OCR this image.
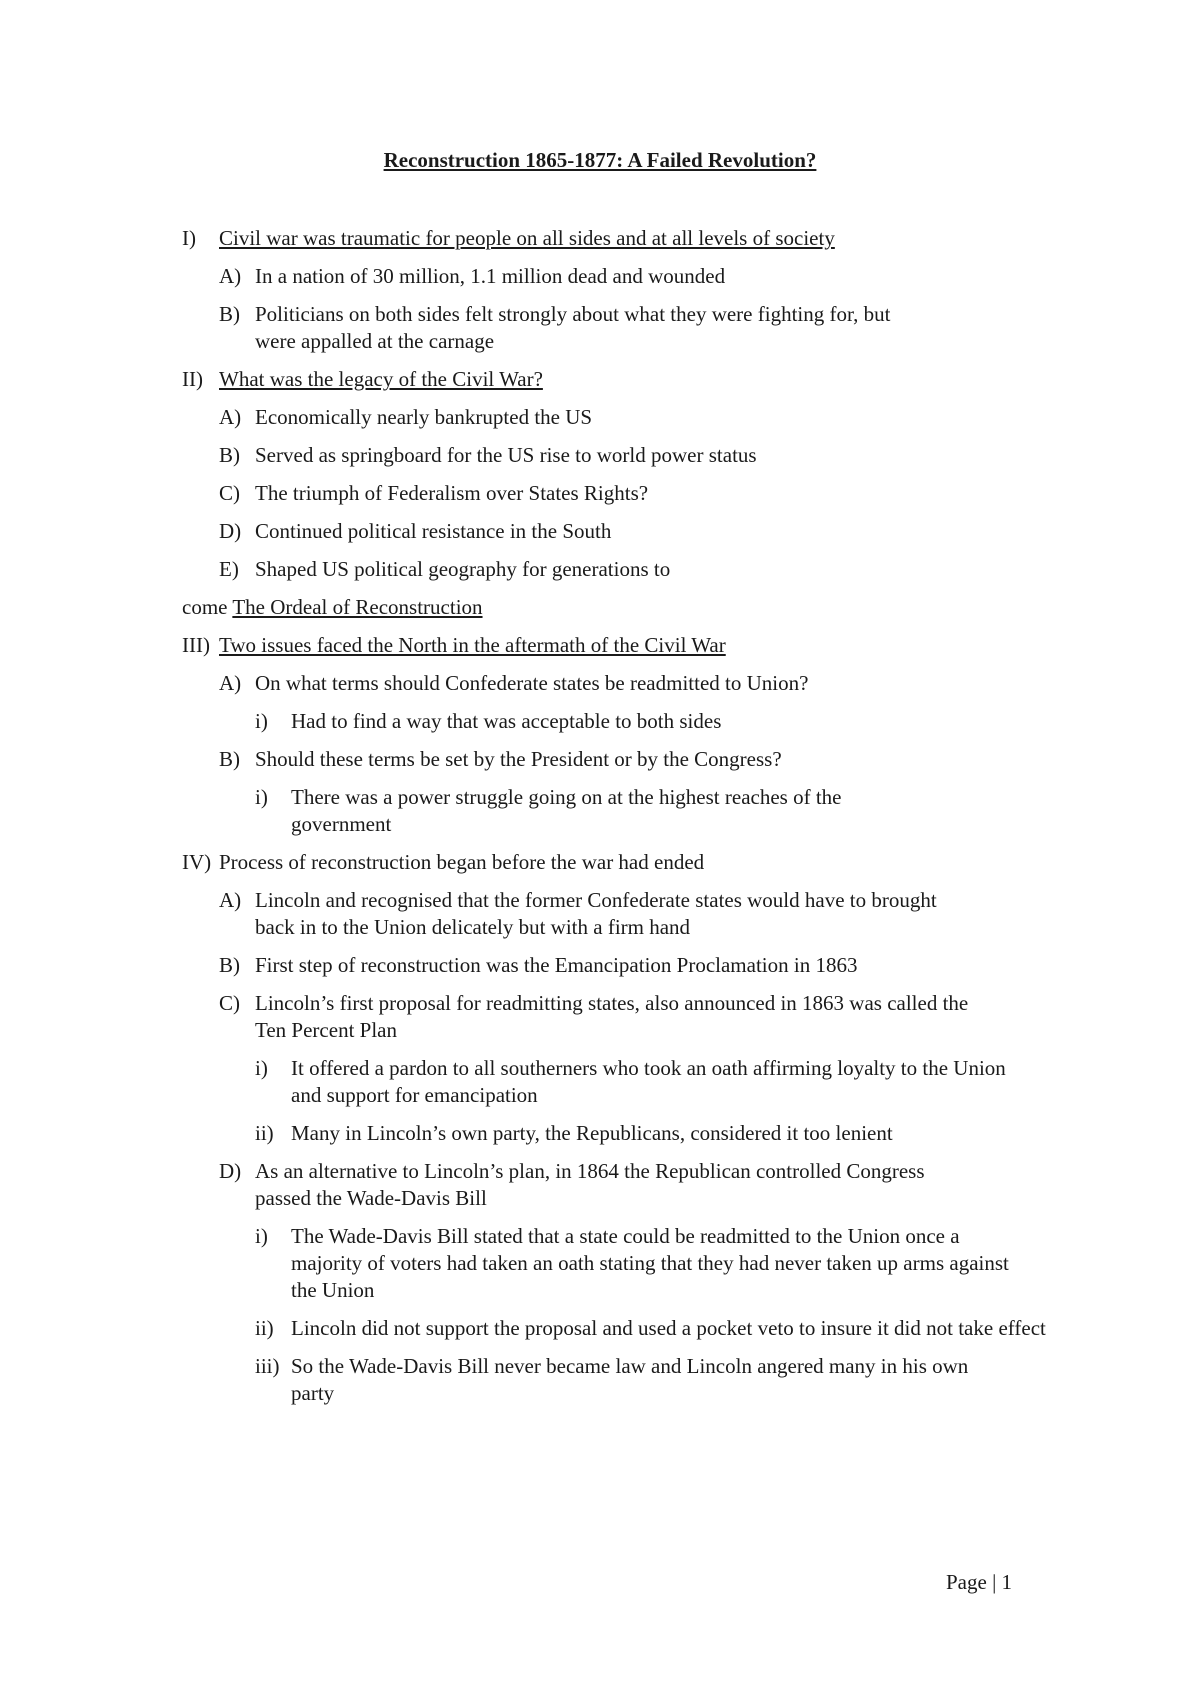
Reconstruction 1865-1877: A Failed Revolution?
I) Civil war was traumatic for people on all sides and at all levels of society
A) In a nation of 30 million, 1.1 million dead and wounded
B) Politicians on both sides felt strongly about what they were fighting for, but were appalled at the carnage
II) What was the legacy of the Civil War?
A) Economically nearly bankrupted the US
B) Served as springboard for the US rise to world power status
C) The triumph of Federalism over States Rights?
D) Continued political resistance in the South
E) Shaped US political geography for generations to
come The Ordeal of Reconstruction
III) Two issues faced the North in the aftermath of the Civil War
A) On what terms should Confederate states be readmitted to Union?
i) Had to find a way that was acceptable to both sides
B) Should these terms be set by the President or by the Congress?
i) There was a power struggle going on at the highest reaches of the government
IV) Process of reconstruction began before the war had ended
A) Lincoln and recognised that the former Confederate states would have to brought back in to the Union delicately but with a firm hand
B) First step of reconstruction was the Emancipation Proclamation in 1863
C) Lincoln’s first proposal for readmitting states, also announced in 1863 was called the Ten Percent Plan
i) It offered a pardon to all southerners who took an oath affirming loyalty to the Union and support for emancipation
ii) Many in Lincoln’s own party, the Republicans, considered it too lenient
D) As an alternative to Lincoln’s plan, in 1864 the Republican controlled Congress passed the Wade-Davis Bill
i) The Wade-Davis Bill stated that a state could be readmitted to the Union once a majority of voters had taken an oath stating that they had never taken up arms against the Union
ii) Lincoln did not support the proposal and used a pocket veto to insure it did not take effect
iii) So the Wade-Davis Bill never became law and Lincoln angered many in his own party
Page | 1
